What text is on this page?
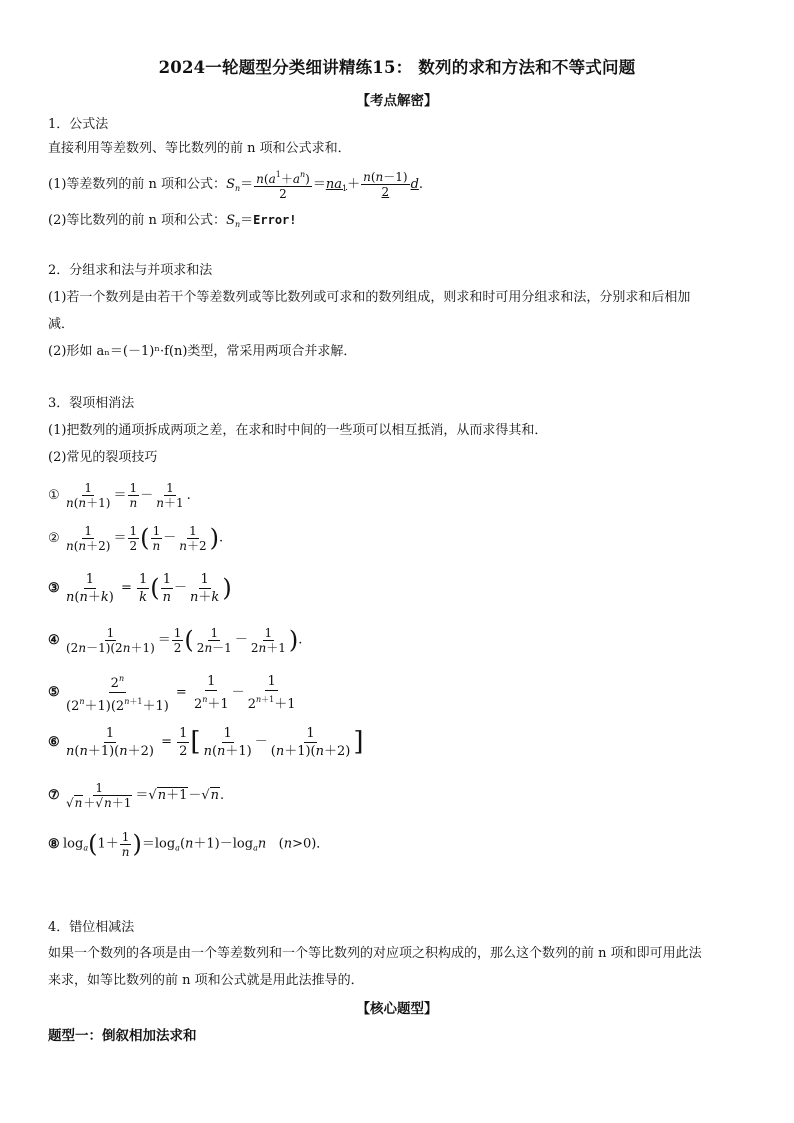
2024一轮题型分类细讲精练15： 数列的求和方法和不等式问题
【考点解密】
1．公式法
直接利用等差数列、等比数列的前 n 项和公式求和．
(1)等差数列的前 n 项和公式：$S_n= \frac{n(a^1+a^n)}{2} =na_1+ \frac{n(n-1)}{2} d$.
(2)等比数列的前 n 项和公式：$S_n=Error$!
2．分组求和法与并项求和法
(1)若一个数列是由若干个等差数列或等比数列或可求和的数列组成，则求和时可用分组求和法，分别求和后相加
减．
(2)形如 aₙ＝(－1)ⁿ·f(n)类型，常采用两项合并求解．
3．裂项相消法
(1)把数列的通项拆成两项之差，在求和时中间的一些项可以相互抵消，从而求得其和．
(2)常见的裂项技巧
① $\frac{1}{n(n+1)} = \frac{1}{n} - \frac{1}{n+1}$ .
② $\frac{1}{n(n+2)} = \frac{1}{2}$ ( $\frac{1}{n} - \frac{1}{n+2}$ ).
③ $\frac{1}{n(n+k)} = \frac{1}{k}$ ( $\frac{1}{n} - \frac{1}{n+k}$ )
④ $\frac{1}{(2n-1)(2n+1)} = \frac{1}{2}$ ( $\frac{1}{2n-1} - \frac{1}{2n+1}$ ).
⑤ $\frac{2^n}{(2^n+1)(2^{n+1}+1)} = \frac{1}{2^n+1} - \frac{1}{2^{n+1}+1}$
⑥ $\frac{1}{n(n+1)(n+2)} = \frac{1}{2}$ [ $\frac{1}{n(n+1)} - \frac{1}{(n+1)(n+2)}$ ]
⑦ $\frac{1}{√n+√n+1} =√n+1-√n$.
⑧ $\log_a(1+ \frac{1}{n} )=\log_a(n+1)-\log_an$   (n>0)．
4．错位相减法
如果一个数列的各项是由一个等差数列和一个等比数列的对应项之积构成的，那么这个数列的前 n 项和即可用此法
来求，如等比数列的前 n 项和公式就是用此法推导的．
【核心题型】
题型一：倒叙相加法求和
